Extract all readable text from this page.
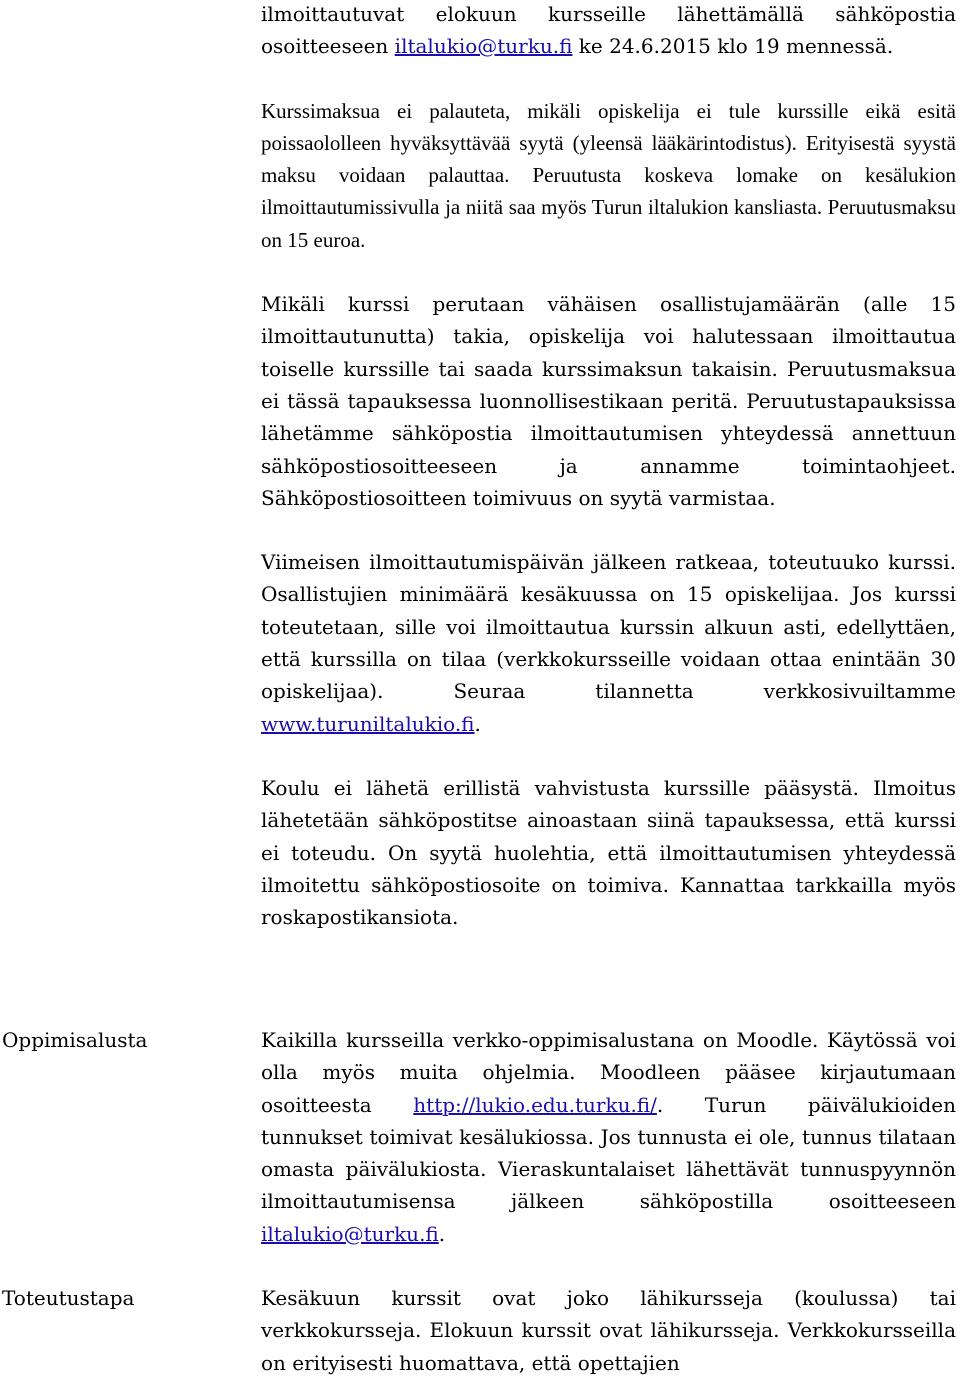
ilmoittautuvat elokuun kursseille lähettämällä sähköpostia osoitteeseen iltalukio@turku.fi ke 24.6.2015 klo 19 mennessä.

Kurssimaksua ei palauteta, mikäli opiskelija ei tule kurssille eikä esitä poissaololleen hyväksyttävää syytä (yleensä lääkärintodistus). Erityisestä syystä maksu voidaan palauttaa. Peruutusta koskeva lomake on kesälukion ilmoittautumissivulla ja niitä saa myös Turun iltalukion kansliasta. Peruutusmaksu on 15 euroa.

Mikäli kurssi perutaan vähäisen osallistujamäärän (alle 15 ilmoittautunutta) takia, opiskelija voi halutessaan ilmoittautua toiselle kurssille tai saada kurssimaksun takaisin. Peruutusmaksua ei tässä tapauksessa luonnollisestikaan peritä. Peruutustapauksissa lähetämme sähköpostia ilmoittautumisen yhteydessä annettuun sähköpostiosoitteeseen ja annamme toimintaohjeet. Sähköpostiosoitteen toimivuus on syytä varmistaa.

Viimeisen ilmoittautumispäivän jälkeen ratkeaa, toteutuuko kurssi. Osallistujien minimäärä kesäkuussa on 15 opiskelijaa. Jos kurssi toteutetaan, sille voi ilmoittautua kurssin alkuun asti, edellyttäen, että kurssilla on tilaa (verkkokursseille voidaan ottaa enintään 30 opiskelijaa). Seuraa tilannetta verkkosivuiltamme www.turuniltalukio.fi.

Koulu ei lähetä erillistä vahvistusta kurssille pääsystä. Ilmoitus lähetetään sähköpostitse ainoastaan siinä tapauksessa, että kurssi ei toteudu. On syytä huolehtia, että ilmoittautumisen yhteydessä ilmoitettu sähköpostiosoite on toimiva. Kannattaa tarkkailla myös roskapostikansiota.

Oppimisalusta	Kaikilla kursseilla verkko-oppimisalustana on Moodle. Käytössä voi olla myös muita ohjelmia. Moodleen pääsee kirjautumaan osoitteesta http://lukio.edu.turku.fi/. Turun päivälukioiden tunnukset toimivat kesälukiossa. Jos tunnusta ei ole, tunnus tilataan omasta päivälukiosta. Vieraskuntalaiset lähettävät tunnuspyynnön ilmoittautumisensa jälkeen sähköpostilla osoitteeseen iltalukio@turku.fi.

Toteutustapa	Kesäkuun kurssit ovat joko lähikursseja (koulussa) tai verkkokursseja. Elokuun kurssit ovat lähikursseja. Verkkokursseilla on erityisesti huomattava, että opettajien
